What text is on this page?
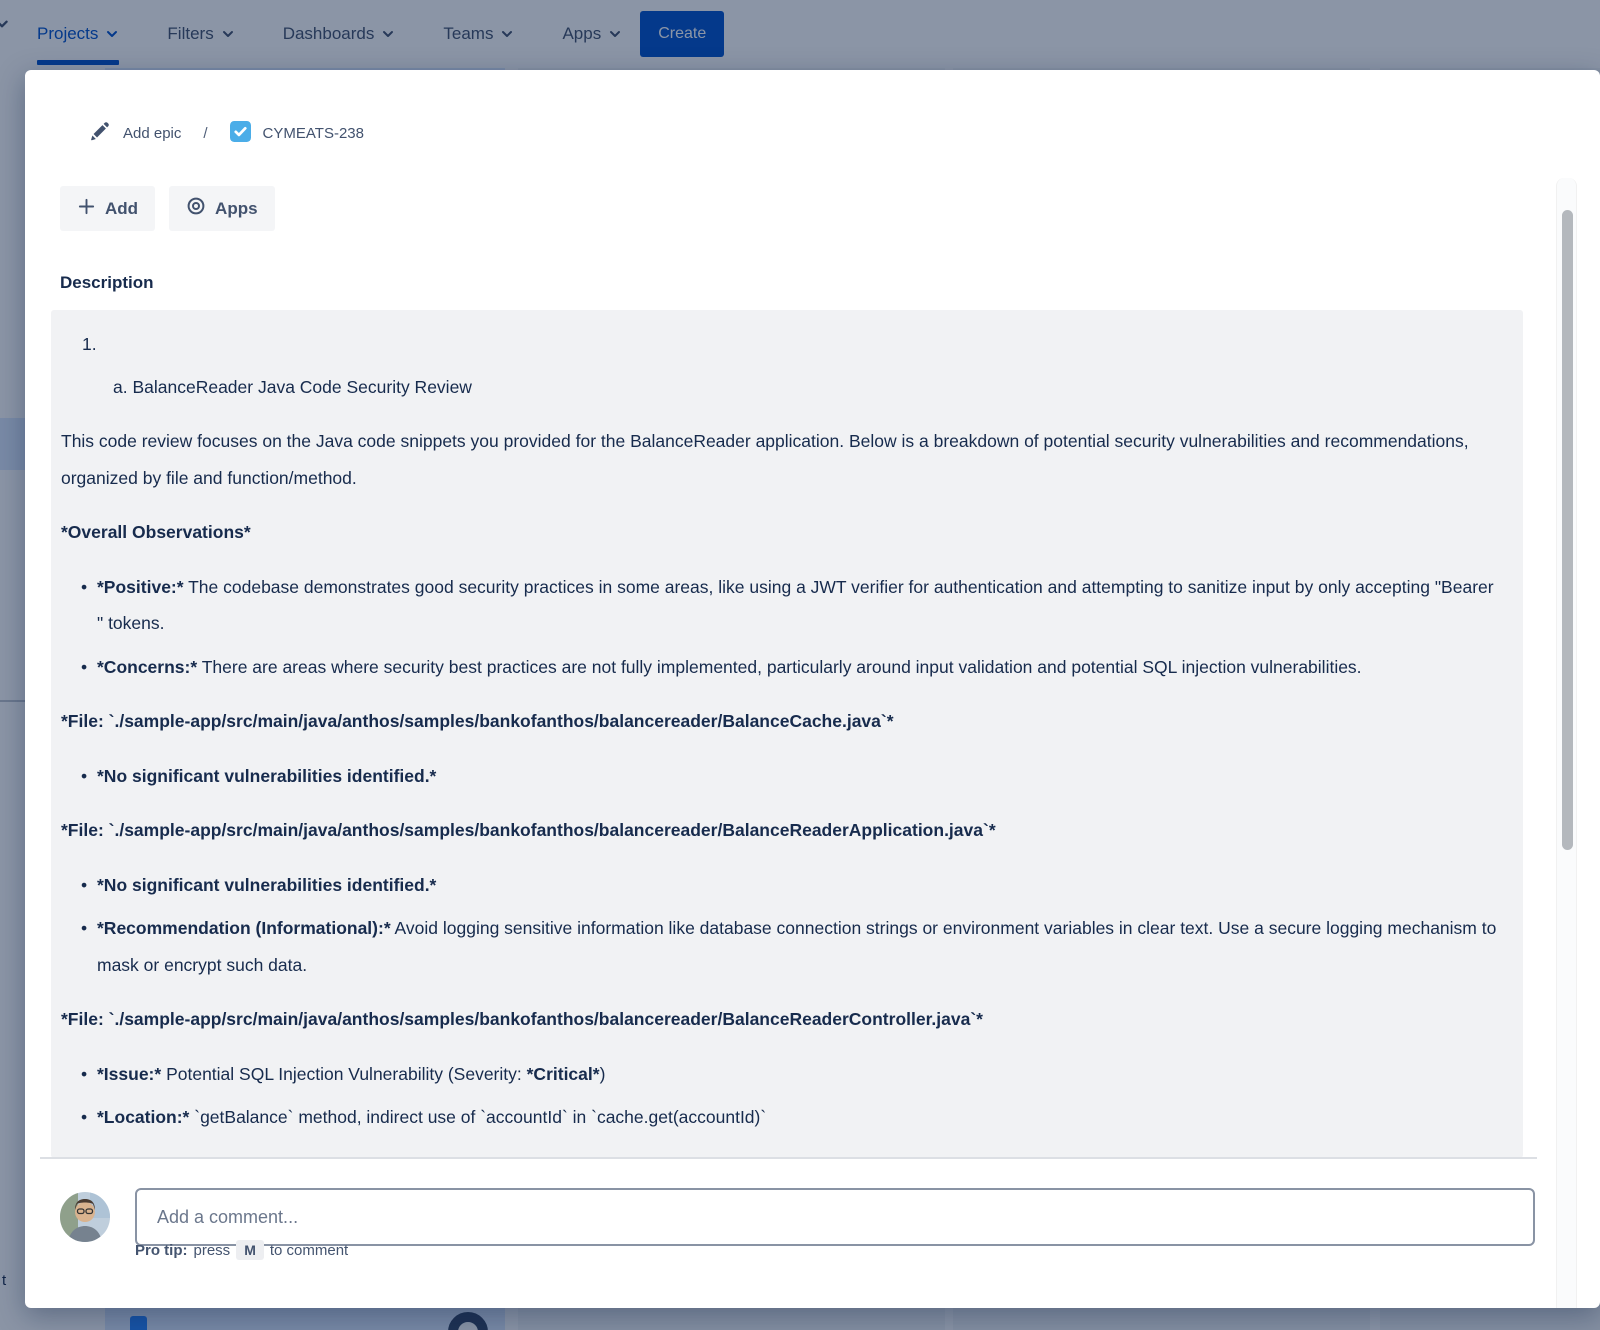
Projects	Filters	Dashboards	Teams	Apps	Create
t
Add epic /	CYMEATS-238
Add	Apps
Description
1.
a. BalanceReader Java Code Security Review
This code review focuses on the Java code snippets you provided for the BalanceReader application. Below is a breakdown of potential security vulnerabilities and recommendations, organized by file and function/method.
*Overall Observations*
• *Positive:* The codebase demonstrates good security practices in some areas, like using a JWT verifier for authentication and attempting to sanitize input by only accepting "Bearer " tokens.
• *Concerns:* There are areas where security best practices are not fully implemented, particularly around input validation and potential SQL injection vulnerabilities.
*File: `./sample-app/src/main/java/anthos/samples/bankofanthos/balancereader/BalanceCache.java`*
• *No significant vulnerabilities identified.*
*File: `./sample-app/src/main/java/anthos/samples/bankofanthos/balancereader/BalanceReaderApplication.java`*
• *No significant vulnerabilities identified.*
• *Recommendation (Informational):* Avoid logging sensitive information like database connection strings or environment variables in clear text. Use a secure logging mechanism to mask or encrypt such data.
*File: `./sample-app/src/main/java/anthos/samples/bankofanthos/balancereader/BalanceReaderController.java`*
• *Issue:* Potential SQL Injection Vulnerability (Severity: *Critical*)
• *Location:* `getBalance` method, indirect use of `accountId` in `cache.get(accountId)`
Add a comment...
Pro tip: press	M to comment
